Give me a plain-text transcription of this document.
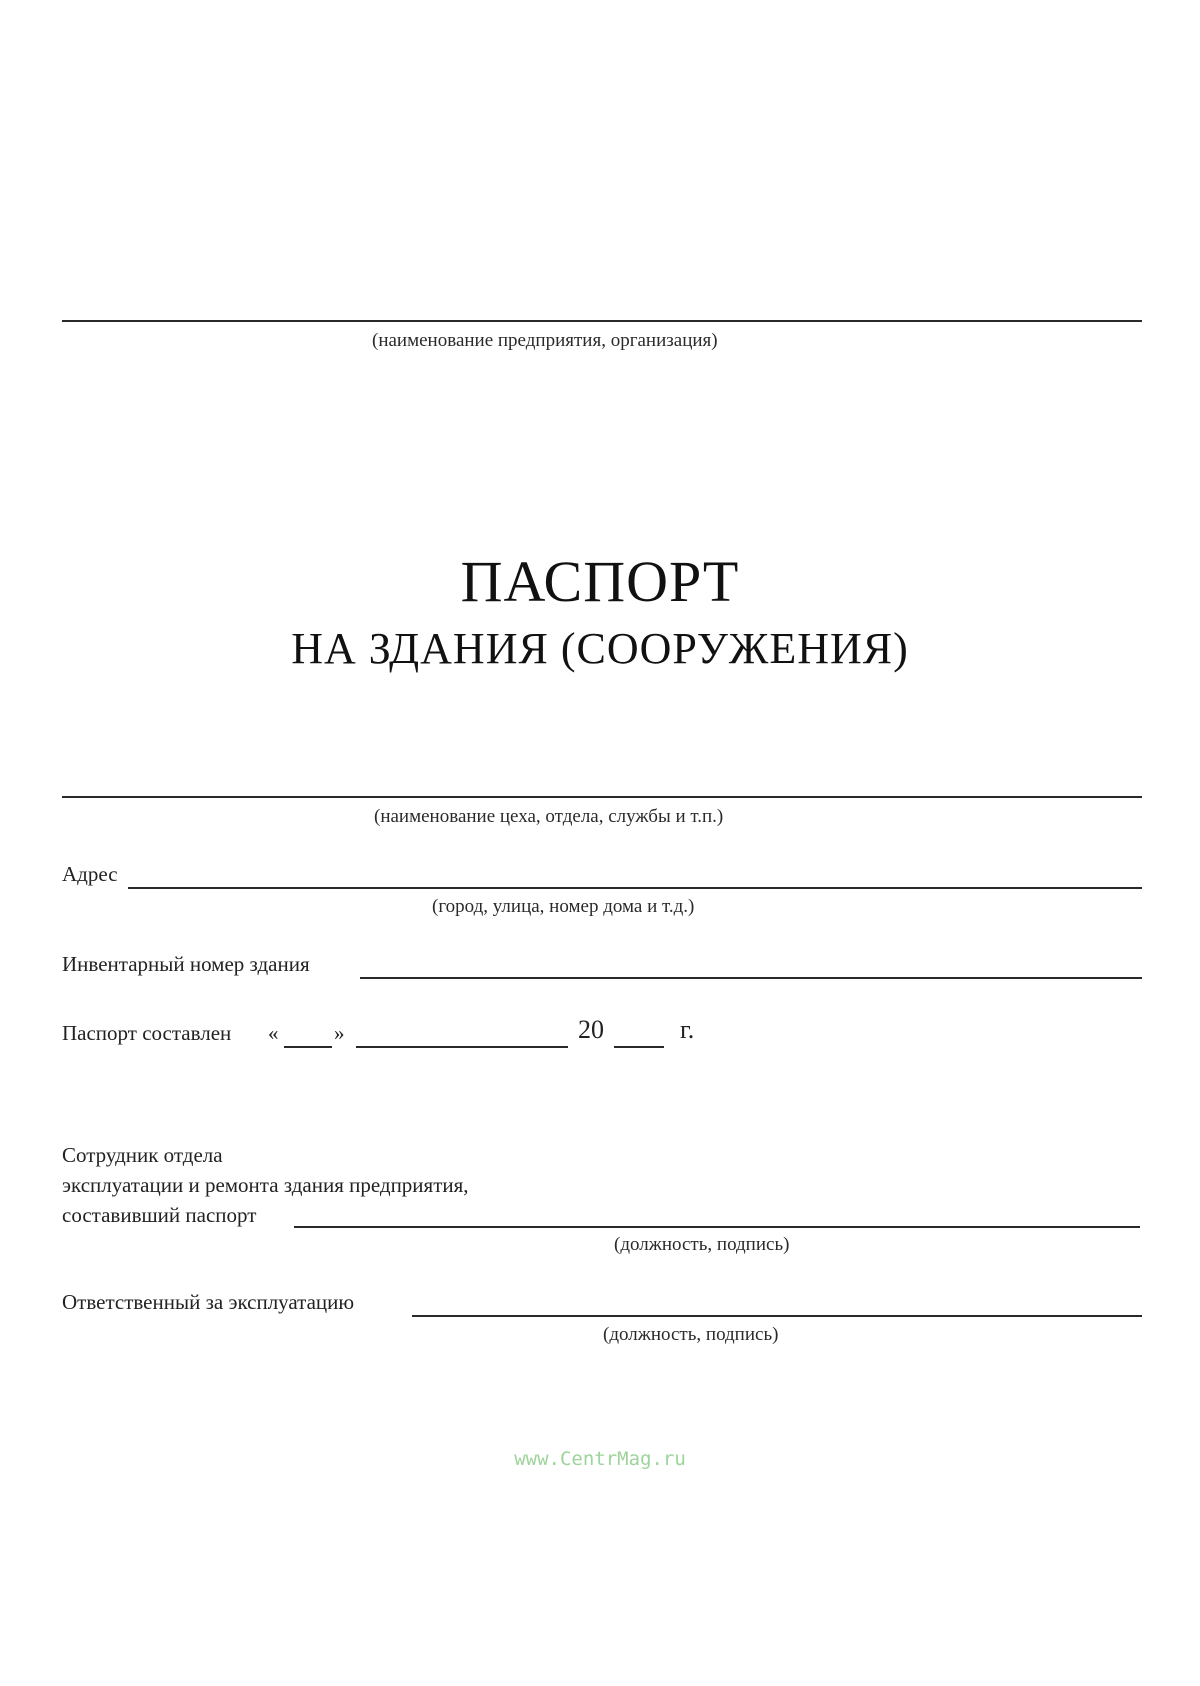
(наименование предприятия, организация)
ПАСПОРТ
НА ЗДАНИЯ (СООРУЖЕНИЯ)
(наименование цеха, отдела, службы и т.п.)
Адрес
(город, улица, номер дома и т.д.)
Инвентарный номер здания
Паспорт составлен «	»	20	г.
Сотрудник отдела
эксплуатации и ремонта здания предприятия,
составивший паспорт
(должность, подпись)
Ответственный за эксплуатацию
(должность, подпись)
www.CentrMag.ru
